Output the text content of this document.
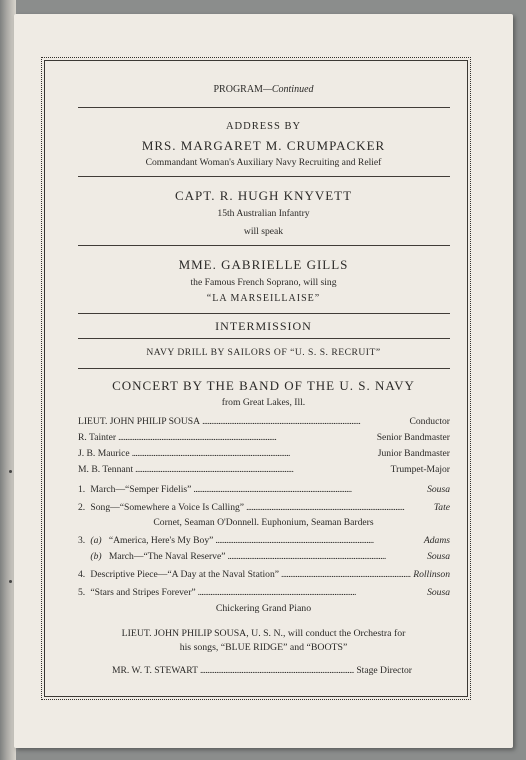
PROGRAM—Continued
ADDRESS BY
MRS. MARGARET M. CRUMPACKER
Commandant Woman's Auxiliary Navy Recruiting and Relief
CAPT. R. HUGH KNYVETT
15th Australian Infantry
will speak
MME. GABRIELLE GILLS
the Famous French Soprano, will sing
“LA MARSEILLAISE”
INTERMISSION
NAVY DRILL BY SAILORS OF “U. S. S. RECRUIT”
CONCERT BY THE BAND OF THE U. S. NAVY
from Great Lakes, Ill.
LIEUT. JOHN PHILIP SOUSA . . .	Conductor
R. Tainter . . .	Senior Bandmaster
J. B. Maurice . . .	Junior Bandmaster
M. B. Tennant . . .	Trumpet-Major
1.
March—“Semper Fidelis” . . .	Sousa
2.
Song—“Somewhere a Voice Is Calling” . . .	Tate
Cornet, Seaman O'Donnell. Euphonium, Seaman Barders
3.
(a)
“America, Here's My Boy” . . .	Adams

(b)
March—“The Naval Reserve” . . .	Sousa
4.
Descriptive Piece—“A Day at the Naval Station” . . .	Rollinson
5.
“Stars and Stripes Forever” . . .	Sousa
Chickering Grand Piano
LIEUT. JOHN PHILIP SOUSA, U. S. N., will conduct the Orchestra for
his songs, “BLUE RIDGE” and “BOOTS”
MR. W. T. STEWART . . .	Stage Director
